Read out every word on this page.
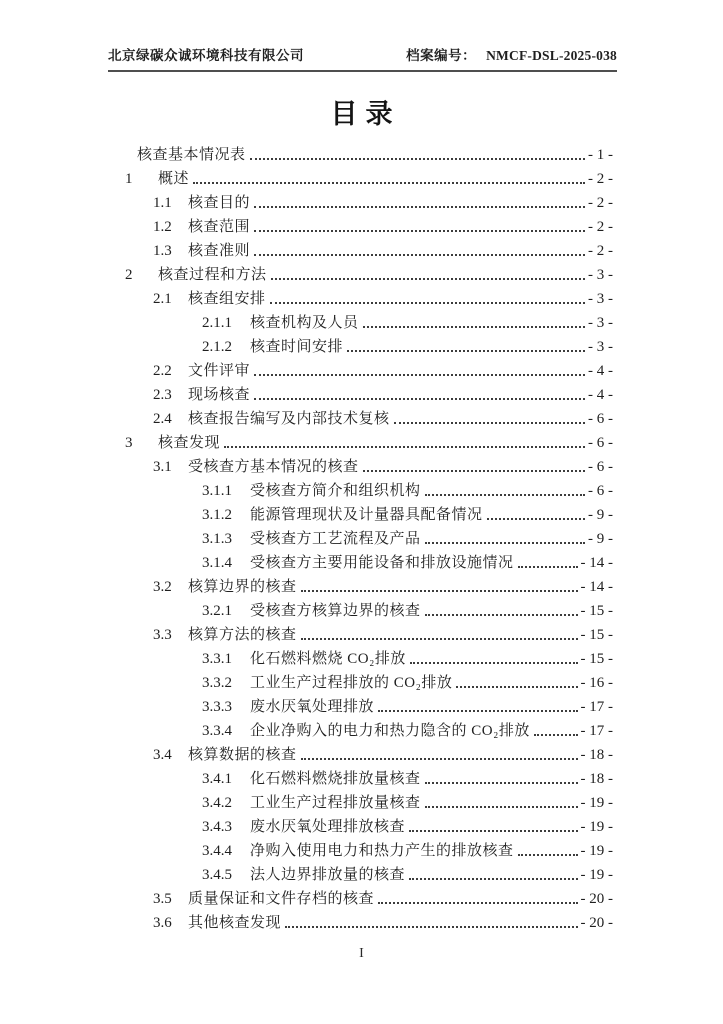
北京绿碳众诚环境科技有限公司	档案编号： NMCF-DSL-2025-038
目录
核查基本情况表	- 1 -
1	概述	- 2 -
1.1	核查目的	- 2 -
1.2	核查范围	- 2 -
1.3	核查准则	- 2 -
2	核查过程和方法	- 3 -
2.1	核查组安排	- 3 -
2.1.1	核查机构及人员	- 3 -
2.1.2	核查时间安排	- 3 -
2.2	文件评审	- 4 -
2.3	现场核查	- 4 -
2.4	核查报告编写及内部技术复核	- 6 -
3	核查发现	- 6 -
3.1	受核查方基本情况的核查	- 6 -
3.1.1	受核查方简介和组织机构	- 6 -
3.1.2	能源管理现状及计量器具配备情况	- 9 -
3.1.3	受核查方工艺流程及产品	- 9 -
3.1.4	受核查方主要用能设备和排放设施情况	- 14 -
3.2	核算边界的核查	- 14 -
3.2.1	受核查方核算边界的核查	- 15 -
3.3	核算方法的核查	- 15 -
3.3.1	化石燃料燃烧 CO₂排放	- 15 -
3.3.2	工业生产过程排放的 CO₂排放	- 16 -
3.3.3	废水厌氧处理排放	- 17 -
3.3.4	企业净购入的电力和热力隐含的 CO₂排放	- 17 -
3.4	核算数据的核查	- 18 -
3.4.1	化石燃料燃烧排放量核查	- 18 -
3.4.2	工业生产过程排放量核查	- 19 -
3.4.3	废水厌氧处理排放核查	- 19 -
3.4.4	净购入使用电力和热力产生的排放核查	- 19 -
3.4.5	法人边界排放量的核查	- 19 -
3.5	质量保证和文件存档的核查	- 20 -
3.6	其他核查发现	- 20 -
I
